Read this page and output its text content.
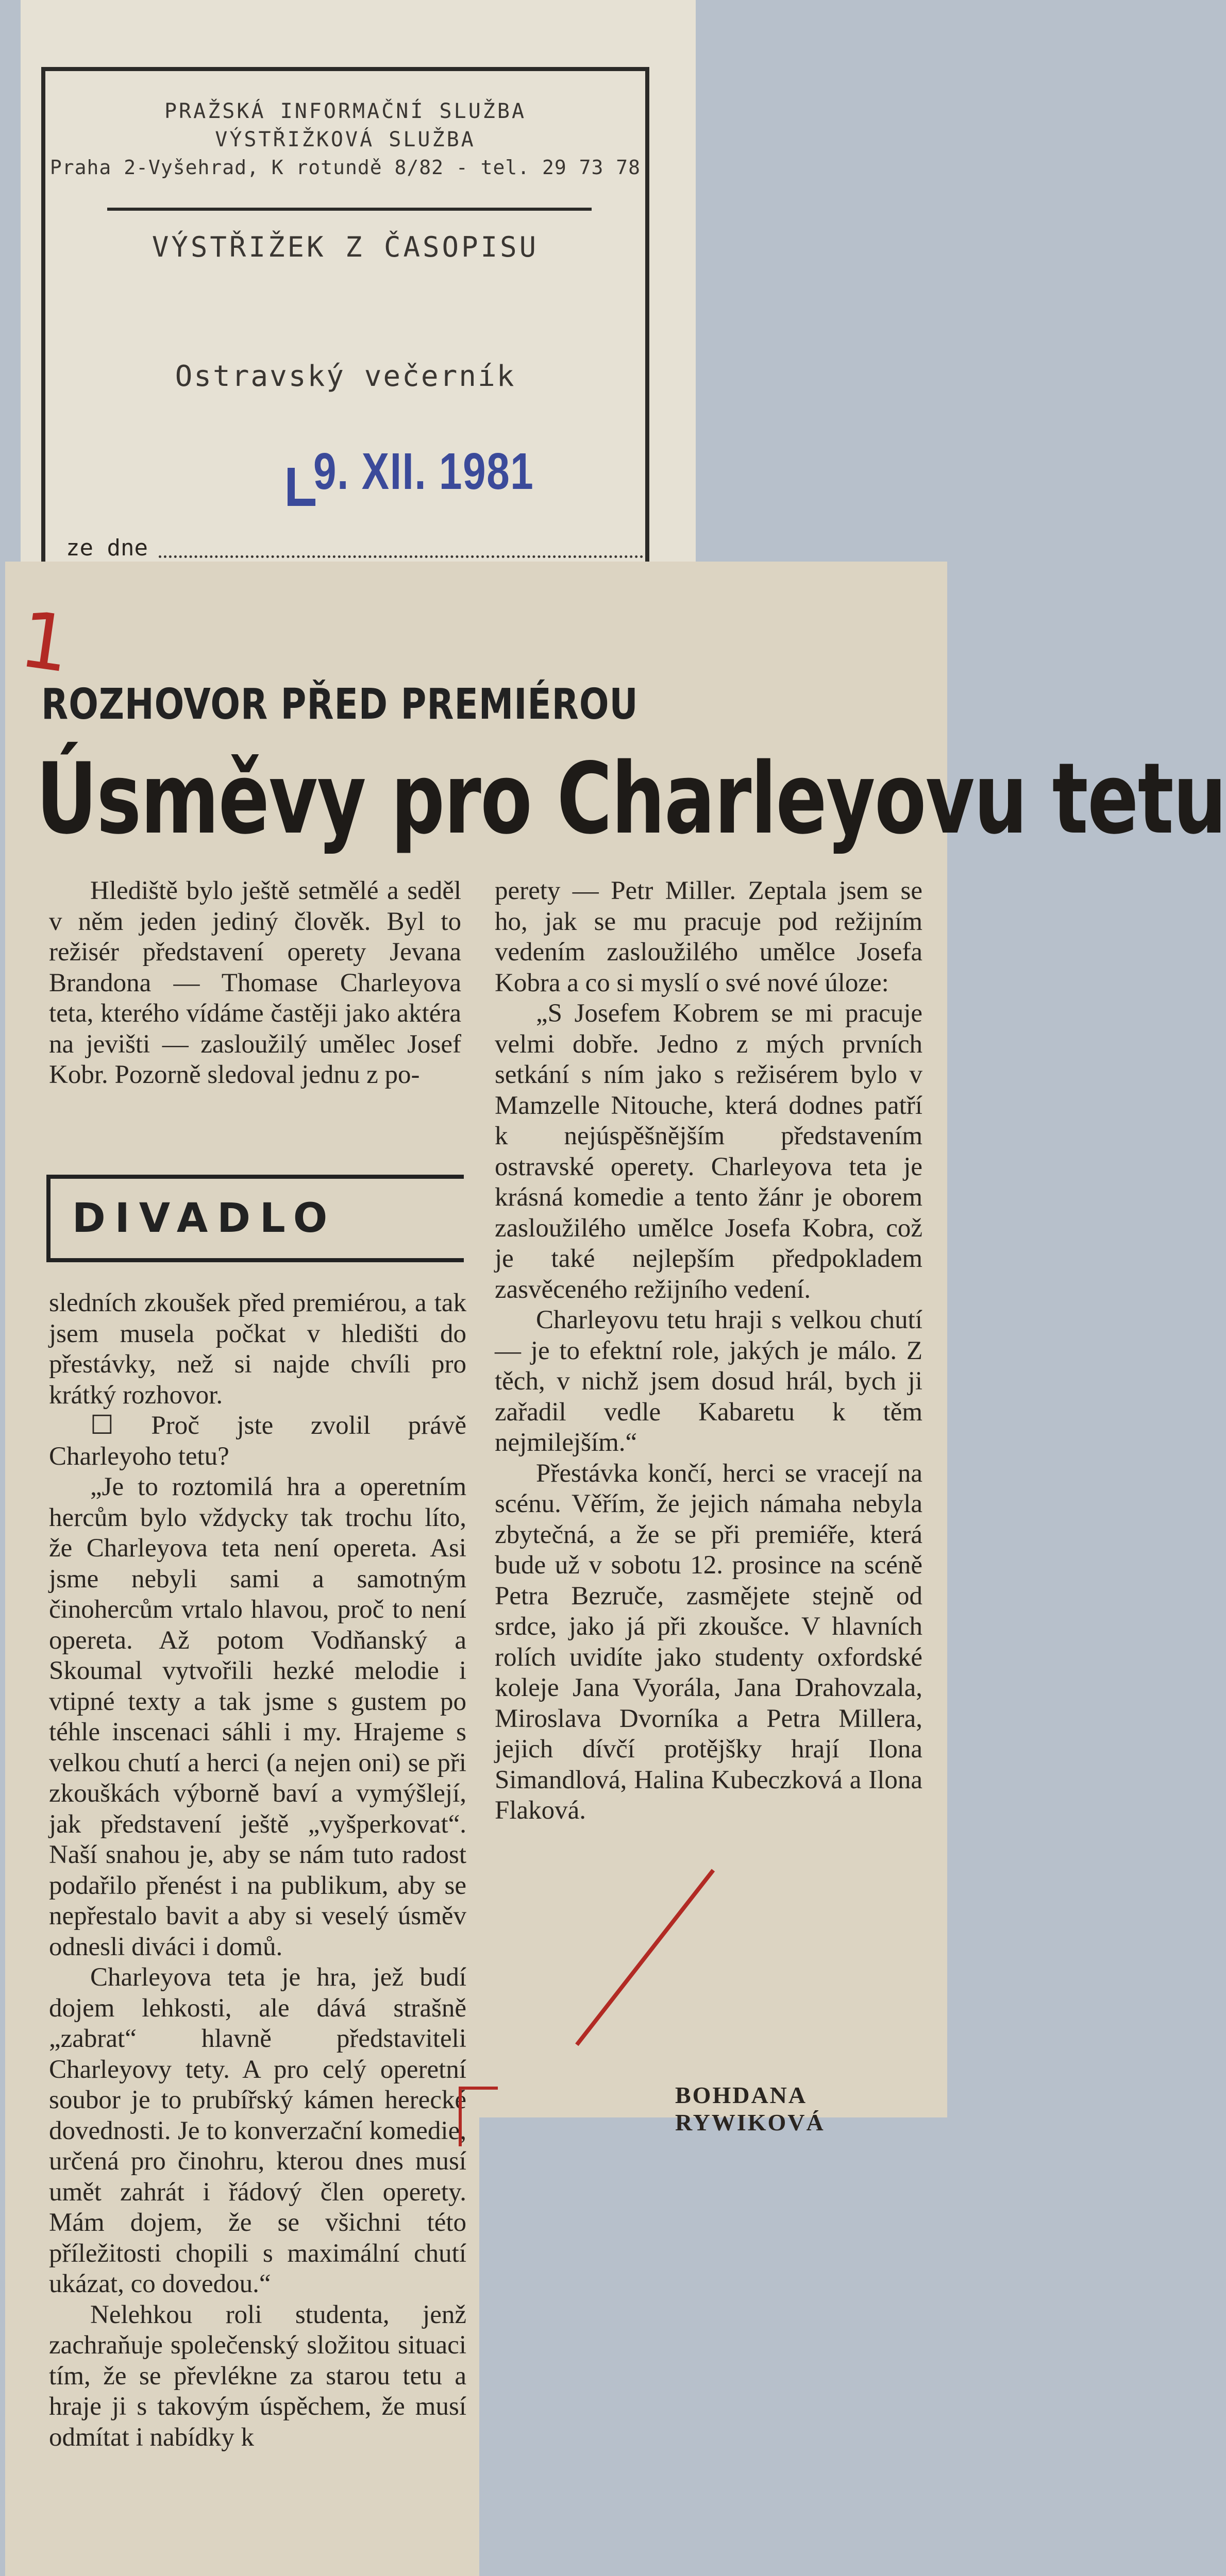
PRAŽSKÁ INFORMAČNÍ SLUŽBA
VÝSTŘIŽKOVÁ SLUŽBA
Praha 2-Vyšehrad, K rotundě 8/82 - tel. 29 73 78
VÝSTŘIŽEK Z ČASOPISU
Ostravský večerník
9. XII. 1981
ze dne
1
ROZHOVOR PŘED PREMIÉROU
Úsměvy pro Charleyovu tetu

Hlediště bylo ještě setmělé a seděl v něm jeden jediný člověk. Byl to režisér představení operety Jevana Brandona — Thomase Charleyova teta, kterého vídáme častěji jako aktéra na jevišti — zasloužilý umělec Josef Kobr. Pozorně sledoval jednu z po-

DIVADLO

sledních zkoušek před premiérou, a tak jsem musela počkat v hledišti do přestávky, než si najde chvíli pro krátký rozhovor.

☐ Proč jste zvolil právě Charleyoho tetu?

„Je to roztomilá hra a operetním hercům bylo vždycky tak trochu líto, že Charleyova teta není opereta. Asi jsme nebyli sami a samotným činohercům vrtalo hlavou, proč to není opereta. Až potom Vodňanský a Skoumal vytvořili hezké melodie i vtipné texty a tak jsme s gustem po téhle inscenaci sáhli i my. Hrajeme s velkou chutí a herci (a nejen oni) se při zkouškách výborně baví a vymýšlejí, jak představení ještě „vyšperkovat“. Naší snahou je, aby se nám tuto radost podařilo přenést i na publikum, aby se nepřestalo bavit a aby si veselý úsměv odnesli diváci i domů.

Charleyova teta je hra, jež budí dojem lehkosti, ale dává strašně „zabrat“ hlavně představiteli Charleyovy tety. A pro celý operetní soubor je to prubířský kámen herecké dovednosti. Je to konverzační komedie, určená pro činohru, kterou dnes musí umět zahrát i řádový člen operety. Mám dojem, že se všichni této příležitosti chopili s maximální chutí ukázat, co dovedou.“

Nelehkou roli studenta, jenž zachraňuje společenský složitou situaci tím, že se převlékne za starou tetu a hraje ji s takovým úspěchem, že musí odmítat i nabídky k

perety — Petr Miller. Zeptala jsem se ho, jak se mu pracuje pod režijním vedením zasloužilého umělce Josefa Kobra a co si myslí o své nové úloze:

„S Josefem Kobrem se mi pracuje velmi dobře. Jedno z mých prvních setkání s ním jako s režisérem bylo v Mamzelle Nitouche, která dodnes patří k nejúspěšnějším představením ostravské operety. Charleyova teta je krásná komedie a tento žánr je oborem zasloužilého umělce Josefa Kobra, což je také nejlepším předpokladem zasvěceného režijního vedení.

Charleyovu tetu hraji s velkou chutí — je to efektní role, jakých je málo. Z těch, v nichž jsem dosud hrál, bych ji zařadil vedle Kabaretu k těm nejmilejším.“

Přestávka končí, herci se vracejí na scénu. Věřím, že jejich námaha nebyla zbytečná, a že se při premiéře, která bude už v sobotu 12. prosince na scéně Petra Bezruče, zasmějete stejně od srdce, jako já při zkoušce. V hlavních rolích uvidíte jako studenty oxfordské koleje Jana Vyorála, Jana Drahovzala, Miroslava Dvorníka a Petra Millera, jejich dívčí protějšky hrají Ilona Simandlová, Halina Kubeczková a Ilona Flaková.

BOHDANA RYWIKOVÁ
